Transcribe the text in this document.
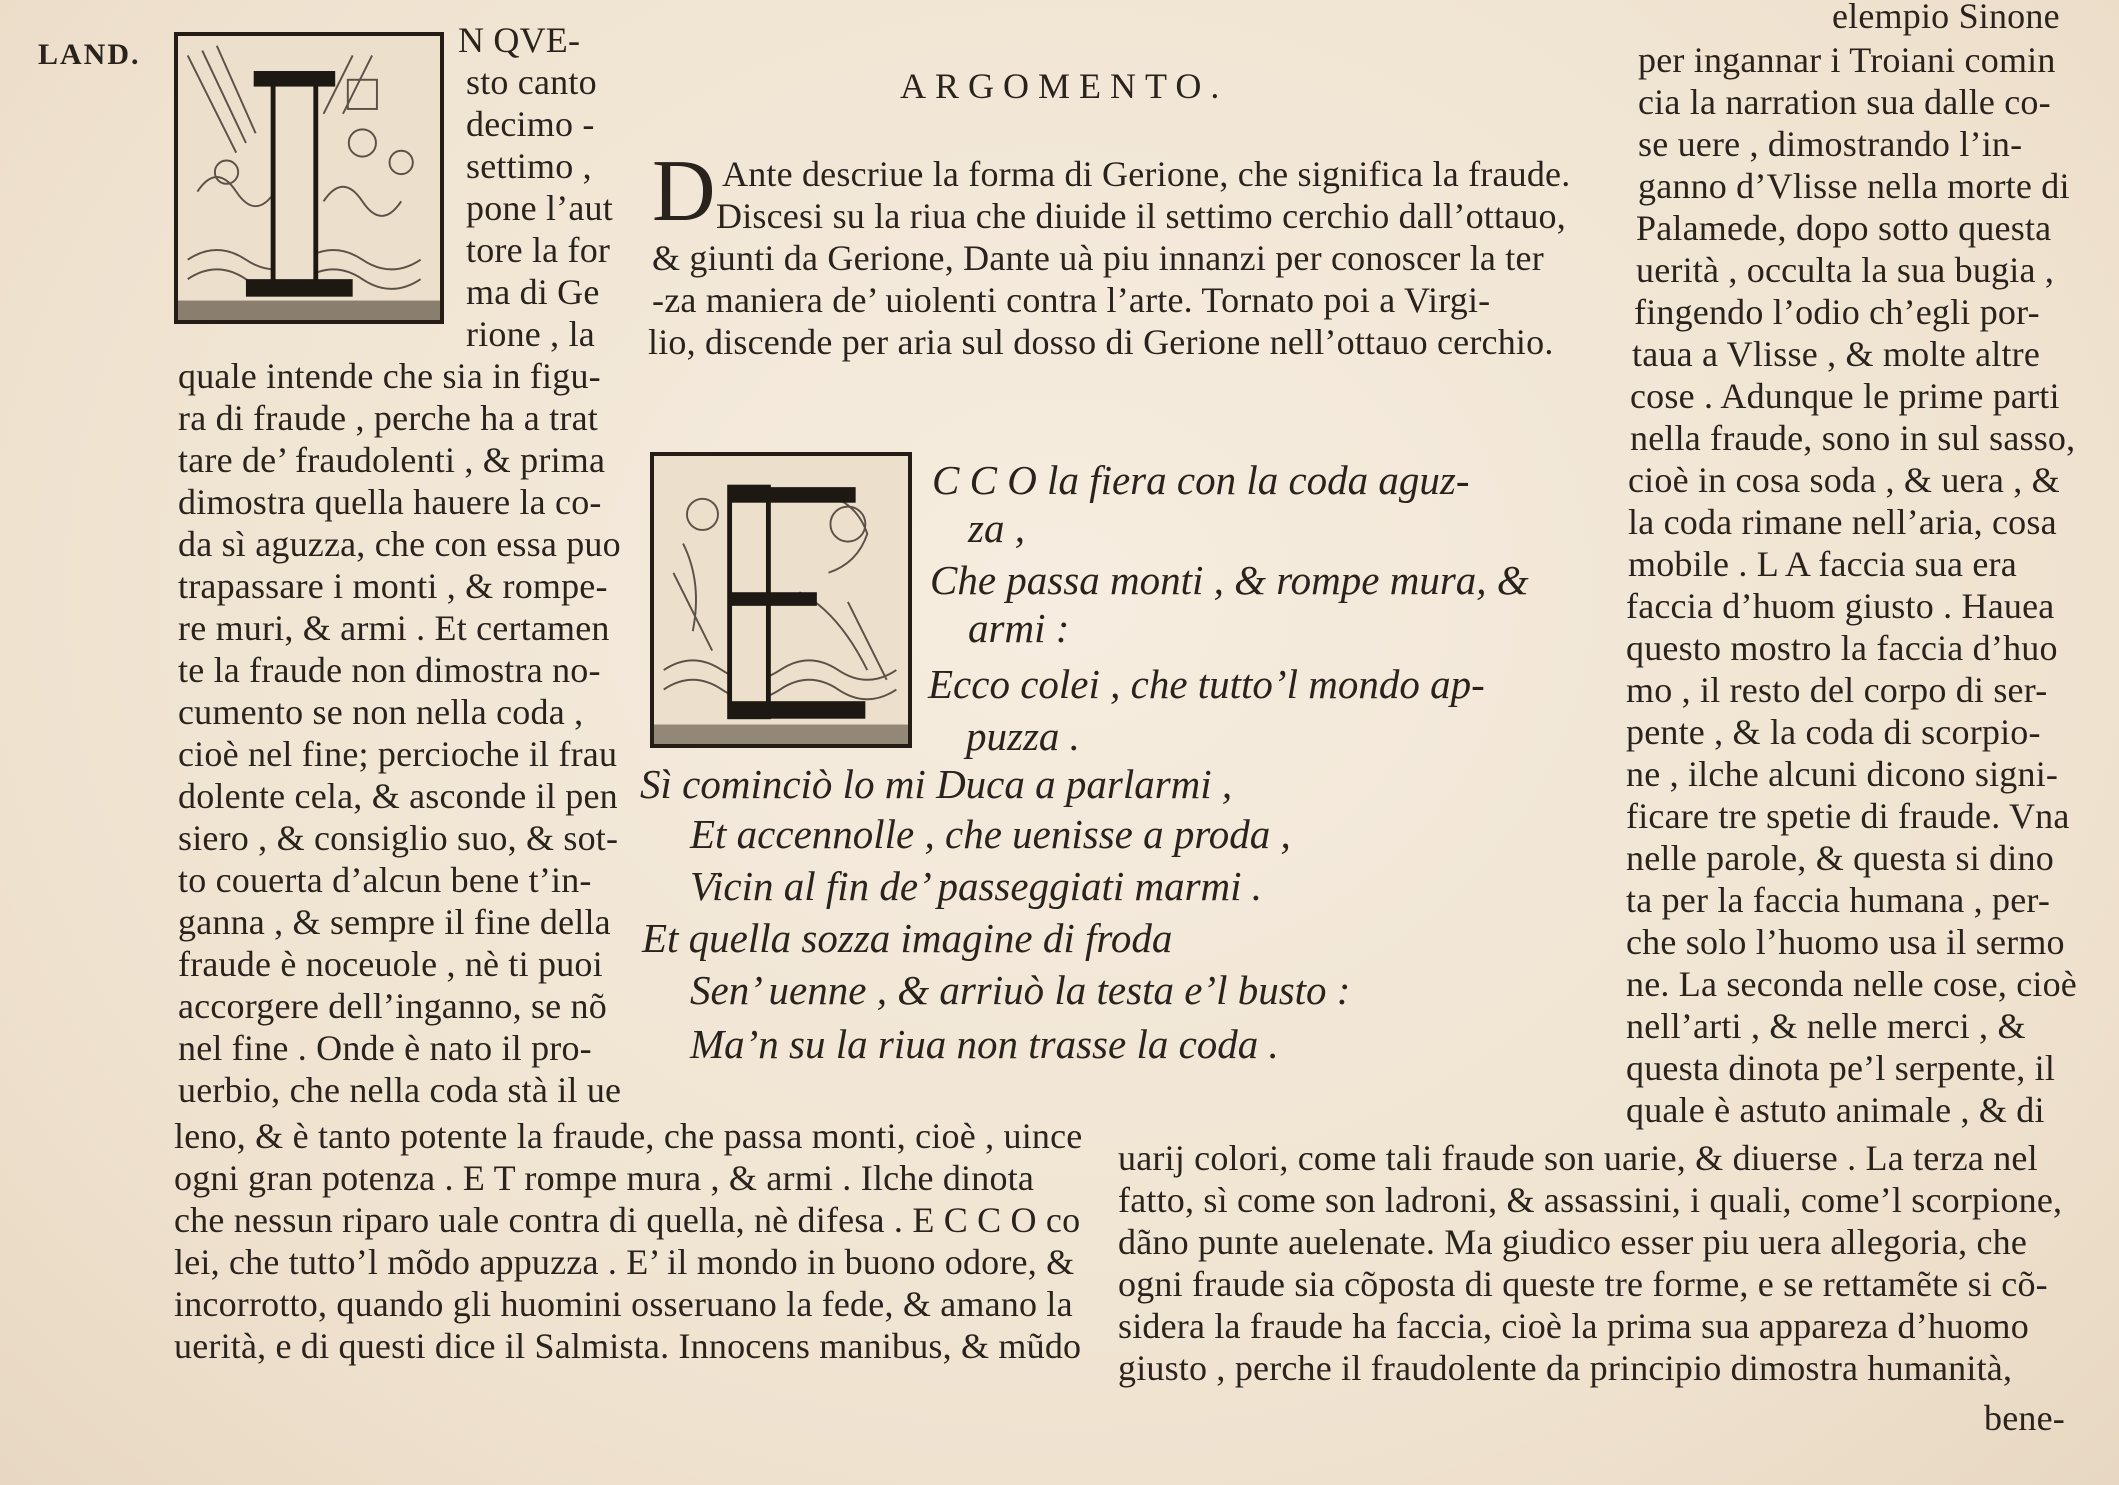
LAND.	N QVE-
sto canto
decimo -
settimo ,
pone l’aut
tore la for
ma di Ge
rione , la
quale intende che sia in figu-
ra di fraude , perche ha a trat
tare de’ fraudolenti , & prima
dimostra quella hauere la co-
da sì aguzza, che con essa puo
trapassare i monti , & rompe-
re muri, & armi . Et certamen
te la fraude non dimostra no-
cumento se non nella coda ,
cioè nel fine; percioche il frau
dolente cela, & asconde il pen
siero , & consiglio suo, & sot-
to couerta d’alcun bene t’in-
ganna , & sempre il fine della
fraude è noceuole , nè ti puoi
accorgere dell’inganno, se nõ
nel fine . Onde è nato il pro-
uerbio, che nella coda stà il ue
leno, & è tanto potente la fraude, che passa monti, cioè , uince
ogni gran potenza . E T rompe mura , & armi . Ilche dinota
che nessun riparo uale contra di quella, nè difesa . E C C O co
lei, che tutto’l mõdo appuzza . E’ il mondo in buono odore, &
incorrotto, quando gli huomini osseruano la fede, & amano la
uerità, e di questi dice il Salmista. Innocens manibus, & mũdo
ARGOMENTO.
D Ante descriue la forma di Gerione, che significa la fraude.
Discesi su la riua che diuide il settimo cerchio dall’ottauo,
& giunti da Gerione, Dante uà piu innanzi per conoscer la ter
-za maniera de’ uiolenti contra l’arte. Tornato poi a Virgi-
lio, discende per aria sul dosso di Gerione nell’ottauo cerchio.
C C O la fiera con la coda aguz-
za ,
Che passa monti , & rompe mura, &
armi :
Ecco colei , che tutto’l mondo ap-
puzza .
Sì cominciò lo mi Duca a parlarmi ,
Et accennolle , che uenisse a proda ,
Vicin al fin de’ passeggiati marmi .
Et quella sozza imagine di froda
Sen’ uenne , & arriuò la testa e’l busto :
Ma’n su la riua non trasse la coda .
elempio Sinone
per ingannar i Troiani comin
cia la narration sua dalle co-
se uere , dimostrando l’in-
ganno d’Vlisse nella morte di
Palamede, dopo sotto questa
uerità , occulta la sua bugia ,
fingendo l’odio ch’egli por-
taua a Vlisse , & molte altre
cose . Adunque le prime parti
nella fraude, sono in sul sasso,
cioè in cosa soda , & uera , &
la coda rimane nell’aria, cosa
mobile . L A faccia sua era
faccia d’huom giusto . Hauea
questo mostro la faccia d’huo
mo , il resto del corpo di ser-
pente , & la coda di scorpio-
ne , ilche alcuni dicono signi-
ficare tre spetie di fraude. Vna
nelle parole, & questa si dino
ta per la faccia humana , per-
che solo l’huomo usa il sermo
ne. La seconda nelle cose, cioè
nell’arti , & nelle merci , &
questa dinota pe’l serpente, il
quale è astuto animale , & di
uarij colori, come tali fraude son uarie, & diuerse . La terza nel
fatto, sì come son ladroni, & assassini, i quali, come’l scorpione,
dãno punte auelenate. Ma giudico esser piu uera allegoria, che
ogni fraude sia cõposta di queste tre forme, e se rettamẽte si cõ-
sidera la fraude ha faccia, cioè la prima sua appareza d’huomo
giusto , perche il fraudolente da principio dimostra humanità,
bene-
